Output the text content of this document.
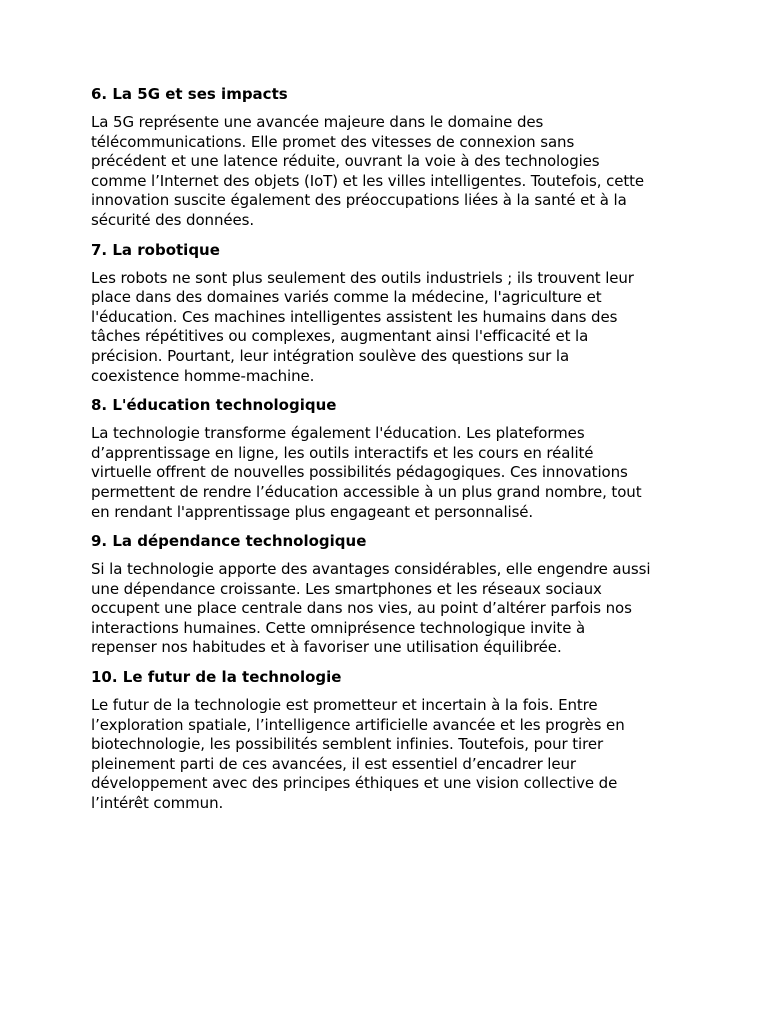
6. La 5G et ses impacts
La 5G représente une avancée majeure dans le domaine des
télécommunications. Elle promet des vitesses de connexion sans
précédent et une latence réduite, ouvrant la voie à des technologies
comme l’Internet des objets (IoT) et les villes intelligentes. Toutefois, cette
innovation suscite également des préoccupations liées à la santé et à la
sécurité des données.
7. La robotique
Les robots ne sont plus seulement des outils industriels ; ils trouvent leur
place dans des domaines variés comme la médecine, l'agriculture et
l'éducation. Ces machines intelligentes assistent les humains dans des
tâches répétitives ou complexes, augmentant ainsi l'efficacité et la
précision. Pourtant, leur intégration soulève des questions sur la
coexistence homme-machine.
8. L'éducation technologique
La technologie transforme également l'éducation. Les plateformes
d’apprentissage en ligne, les outils interactifs et les cours en réalité
virtuelle offrent de nouvelles possibilités pédagogiques. Ces innovations
permettent de rendre l’éducation accessible à un plus grand nombre, tout
en rendant l'apprentissage plus engageant et personnalisé.
9. La dépendance technologique
Si la technologie apporte des avantages considérables, elle engendre aussi
une dépendance croissante. Les smartphones et les réseaux sociaux
occupent une place centrale dans nos vies, au point d’altérer parfois nos
interactions humaines. Cette omniprésence technologique invite à
repenser nos habitudes et à favoriser une utilisation équilibrée.
10. Le futur de la technologie
Le futur de la technologie est prometteur et incertain à la fois. Entre
l’exploration spatiale, l’intelligence artificielle avancée et les progrès en
biotechnologie, les possibilités semblent infinies. Toutefois, pour tirer
pleinement parti de ces avancées, il est essentiel d’encadrer leur
développement avec des principes éthiques et une vision collective de
l’intérêt commun.
